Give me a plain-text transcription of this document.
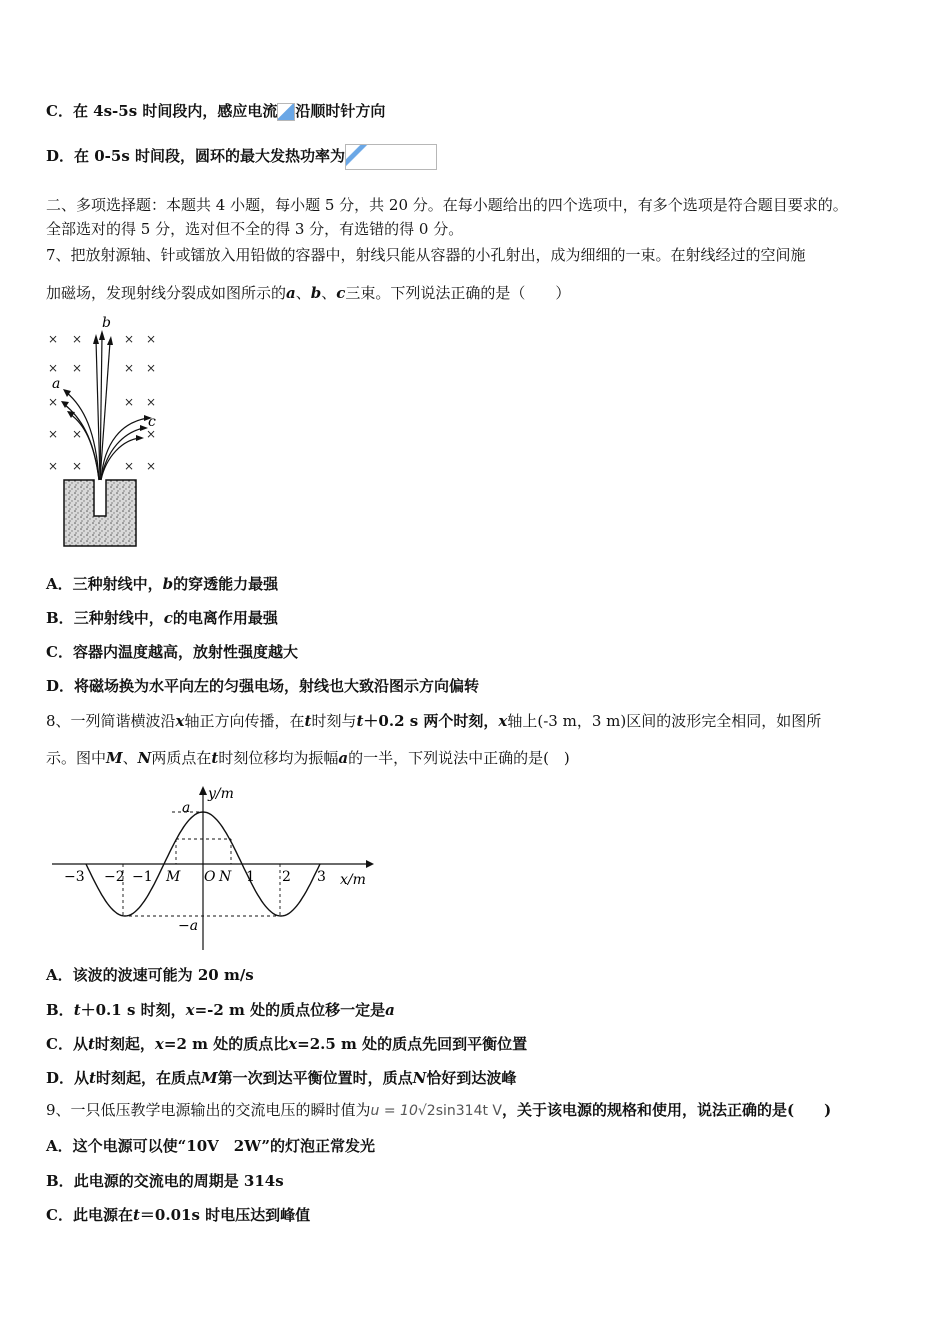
C．在 4s-5s 时间段内，感应电流 沿顺时针方向
D．在 0-5s 时间段，圆环的最大发热功率为
二、多项选择题：本题共 4 小题，每小题 5 分，共 20 分。在每小题给出的四个选项中，有多个选项是符合题目要求的。
全部选对的得 5 分，选对但不全的得 3 分，有选错的得 0 分。
7、把放射源轴、针或镭放入用铅做的容器中，射线只能从容器的小孔射出，成为细细的一束。在射线经过的空间施
加磁场，发现射线分裂成如图所示的a、b、c三束。下列说法正确的是（　　）
× ×	× ×
× ×	× ×
×	× ×
× ×	×
× ×	× ×
b
a
c
A．三种射线中，b的穿透能力最强
B．三种射线中，c的电离作用最强
C．容器内温度越高，放射性强度越大
D．将磁场换为水平向左的匀强电场，射线也大致沿图示方向偏转
8、一列简谐横波沿x轴正方向传播，在t时刻与t＋0.2 s 两个时刻，x轴上(-3 m，3 m)区间的波形完全相同，如图所
示。图中M、N两质点在t时刻位移均为振幅a的一半，下列说法中正确的是(　)
y/m
x/m
a
−a
−3 −2 −1 M O N 1 2 3
A．该波的波速可能为 20 m/s
B．t＋0.1 s 时刻，x=-2 m 处的质点位移一定是a
C．从t时刻起，x=2 m 处的质点比x=2.5 m 处的质点先回到平衡位置
D．从t时刻起，在质点M第一次到达平衡位置时，质点N恰好到达波峰
9、一只低压教学电源输出的交流电压的瞬时值为u = 10√2sin314t V，关于该电源的规格和使用，说法正确的是(　　)
A．这个电源可以使“10V　2W”的灯泡正常发光
B．此电源的交流电的周期是 314s
C．此电源在t＝0.01s 时电压达到峰值
